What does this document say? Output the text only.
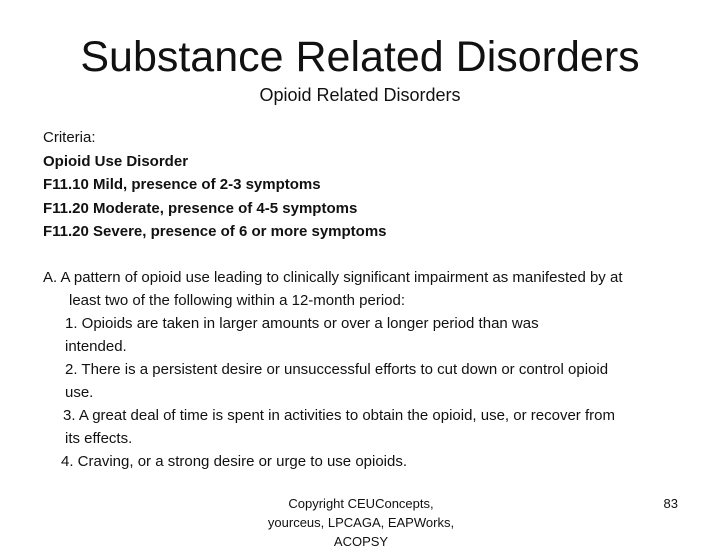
Substance Related Disorders
Opioid Related Disorders
Criteria:
Opioid Use Disorder
F11.10 Mild, presence of 2-3 symptoms
F11.20 Moderate, presence of 4-5 symptoms
F11.20 Severe, presence of 6 or more symptoms
A. A pattern of opioid use leading to clinically significant impairment as manifested by at
least two of the following within a 12-month period:
1. Opioids are taken in larger amounts or over a longer period than was
intended.
2. There is a persistent desire or unsuccessful efforts to cut down or control opioid
use.
3. A great deal of time is spent in activities to obtain the opioid, use, or recover from
its effects.
4. Craving, or a strong desire or urge to use opioids.
Copyright CEUConcepts,
yourceus, LPCAGA, EAPWorks,
ACOPSY
83
